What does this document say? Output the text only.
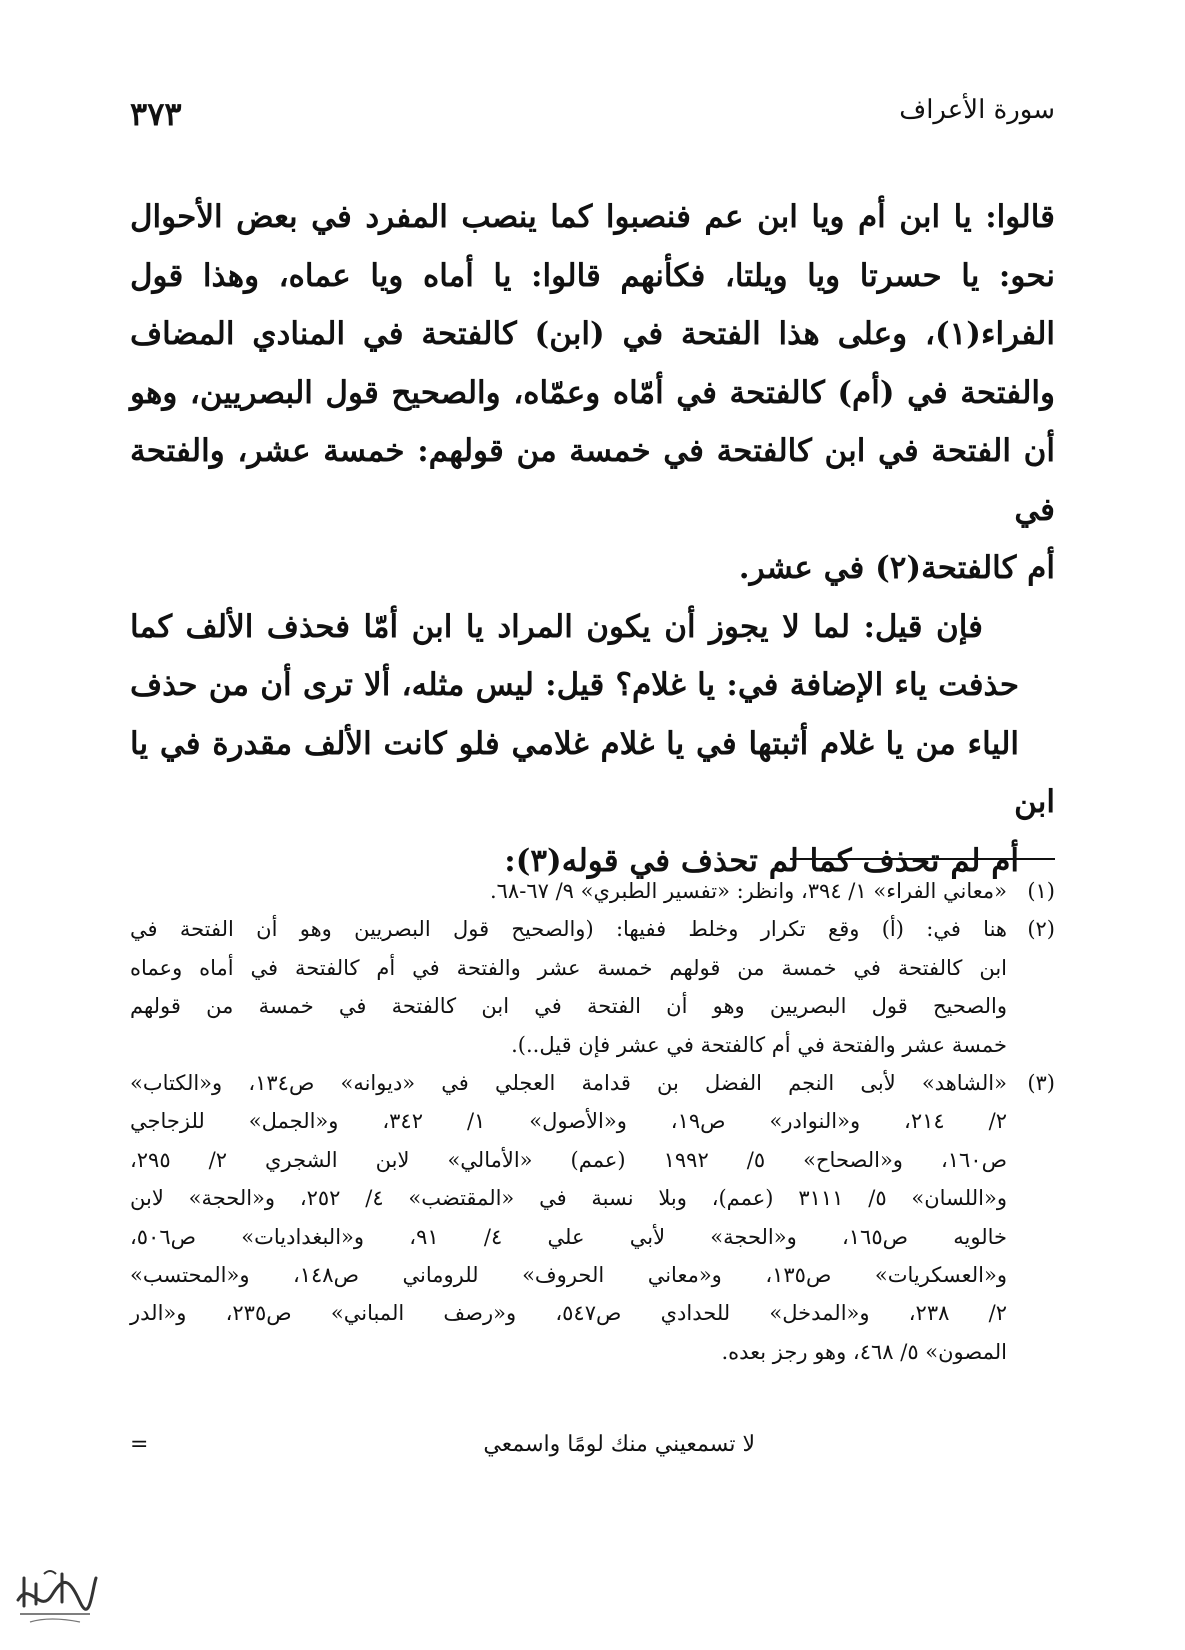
سورة الأعراف
٣٧٣
قالوا: يا ابن أم ويا ابن عم فنصبوا كما ينصب المفرد في بعض الأحوال
نحو: يا حسرتا ويا ويلتا، فكأنهم قالوا: يا أماه ويا عماه، وهذا قول
الفراء(١)، وعلى هذا الفتحة في (ابن) كالفتحة في المنادي المضاف
والفتحة في (أم) كالفتحة في أمّاه وعمّاه، والصحيح قول البصريين، وهو
أن الفتحة في ابن كالفتحة في خمسة من قولهم: خمسة عشر، والفتحة في
أم كالفتحة(٢) في عشر.
فإن قيل: لما لا يجوز أن يكون المراد يا ابن أمّا فحذف الألف كما
حذفت ياء الإضافة في: يا غلام؟ قيل: ليس مثله، ألا ترى أن من حذف
الياء من يا غلام أثبتها في يا غلام غلامي فلو كانت الألف مقدرة في يا ابن
أم لم تحذف كما لم تحذف في قوله(٣):
(١)
«معاني الفراء» ١/ ٣٩٤، وانظر: «تفسير الطبري» ٩/ ٦٧-٦٨.
(٢)
هنا في: (أ) وقع تكرار وخلط ففيها: (والصحيح قول البصريين وهو أن الفتحة في
ابن كالفتحة في خمسة من قولهم خمسة عشر والفتحة في أم كالفتحة في أماه وعماه
والصحيح قول البصريين وهو أن الفتحة في ابن كالفتحة في خمسة من قولهم
خمسة عشر والفتحة في أم كالفتحة في عشر فإن قيل..).
(٣)
«الشاهد» لأبى النجم الفضل بن قدامة العجلي في «ديوانه» ص١٣٤، و«الكتاب»
٢/ ٢١٤، و«النوادر» ص١٩، و«الأصول» ١/ ٣٤٢، و«الجمل» للزجاجي
ص١٦٠، و«الصحاح» ٥/ ١٩٩٢ (عمم) «الأمالي» لابن الشجري ٢/ ٢٩٥،
و«اللسان» ٥/ ٣١١١ (عمم)، وبلا نسبة في «المقتضب» ٤/ ٢٥٢، و«الحجة» لابن
خالويه ص١٦٥، و«الحجة» لأبي علي ٤/ ٩١، و«البغداديات» ص٥٠٦،
و«العسكريات» ص١٣٥، و«معاني الحروف» للروماني ص١٤٨، و«المحتسب»
٢/ ٢٣٨، و«المدخل» للحدادي ص٥٤٧، و«رصف المباني» ص٢٣٥، و«الدر
المصون» ٥/ ٤٦٨، وهو رجز بعده.
لا تسمعيني منك لومًا واسمعي
=
